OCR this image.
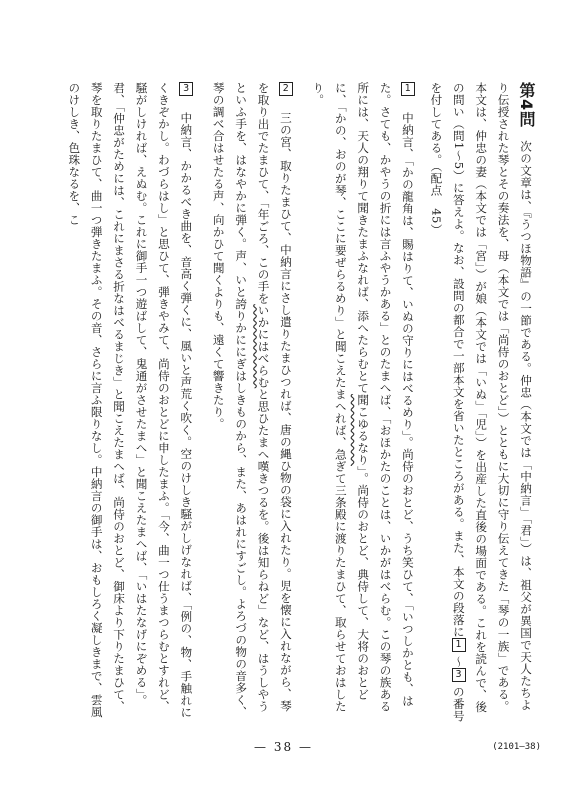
第4問　次の文章は、『うつほ物語』の一節である。仲忠（本文では「中納言」「君」）は、祖父が異国で天人たちより伝授された琴とその奏法を、母（本文では「尚侍のおとど」）とともに大切に守り伝えてきた「琴の一族」である。本文は、仲忠の妻（本文では「宮」）が娘（本文では「いぬ」「児」）を出産した直後の場面である。これを読んで、後の問い（問1〜5）に答えよ。なお、設問の都合で一部本文を省いたところがある。また、本文の段落に1〜3の番号を付してある。（配点　45）
1　中納言、「かの龍角は、賜はりて、いぬの守りにはべるめり」。尚侍のおとど、うち笑ひて、「いつしかとも、はた。さても、かやうの折には言ふやうかある」とのたまへば、「おほかたのことは、いかがはべらむ。この琴の族ある所には、天人の翔りて聞きたまふなれば、添へたらむとて聞こゆるなり」。尚侍のおとど、典侍して、大将のおとどに、「かの、おのが琴、ここに要ぜらるめり」と聞こえたまへれば、急ぎて三条殿に渡りたまひて、取らせておはしたり。
2　三の宮、取りたまひて、中納言にさし遣りたまひつれば、唐の縄ひ物の袋に入れたり。児を懐に入れながら、琴を取り出でたまひて、「年ごろ、この手をいかにはべらむと思ひたまへ嘆きつるを。後は知らねど」など、はうしやうといふ手を、はなやかに弾く。声、いと誇りかににぎはしきものから、また、あはれにすごし。よろづの物の音多く、琴の調べ合はせたる声、向かひて聞くよりも、遠くて響きたり。
3　中納言、かかるべき曲を、音高く弾くに、風いと声荒く吹く。空のけしき騒がしげなれば、「例の、物、手触れにくきぞかし。わづらはし」と思ひて、弾きやみて、尚侍のおとどに申したまふ。「今、曲一つ仕うまつらむとすれど、騒がしければ、えぬむ。これに御手一つ遊ばして、鬼通がさせたまへ」と聞こえたまへば、「いはたなげにぞめる」。君、「仲忠がためには、これにまさる折なはべるまじき」と聞こえたまへば、尚侍のおとど、御床より下りたまひて、琴を取りたまひて、曲一つ弾きたまふ。その音、さらに言ふ限りなし。中納言の御手は、おもしろく凝しきまで、雲風のけしき、色珠なるを、こ
— 38 —	(2101—38)
